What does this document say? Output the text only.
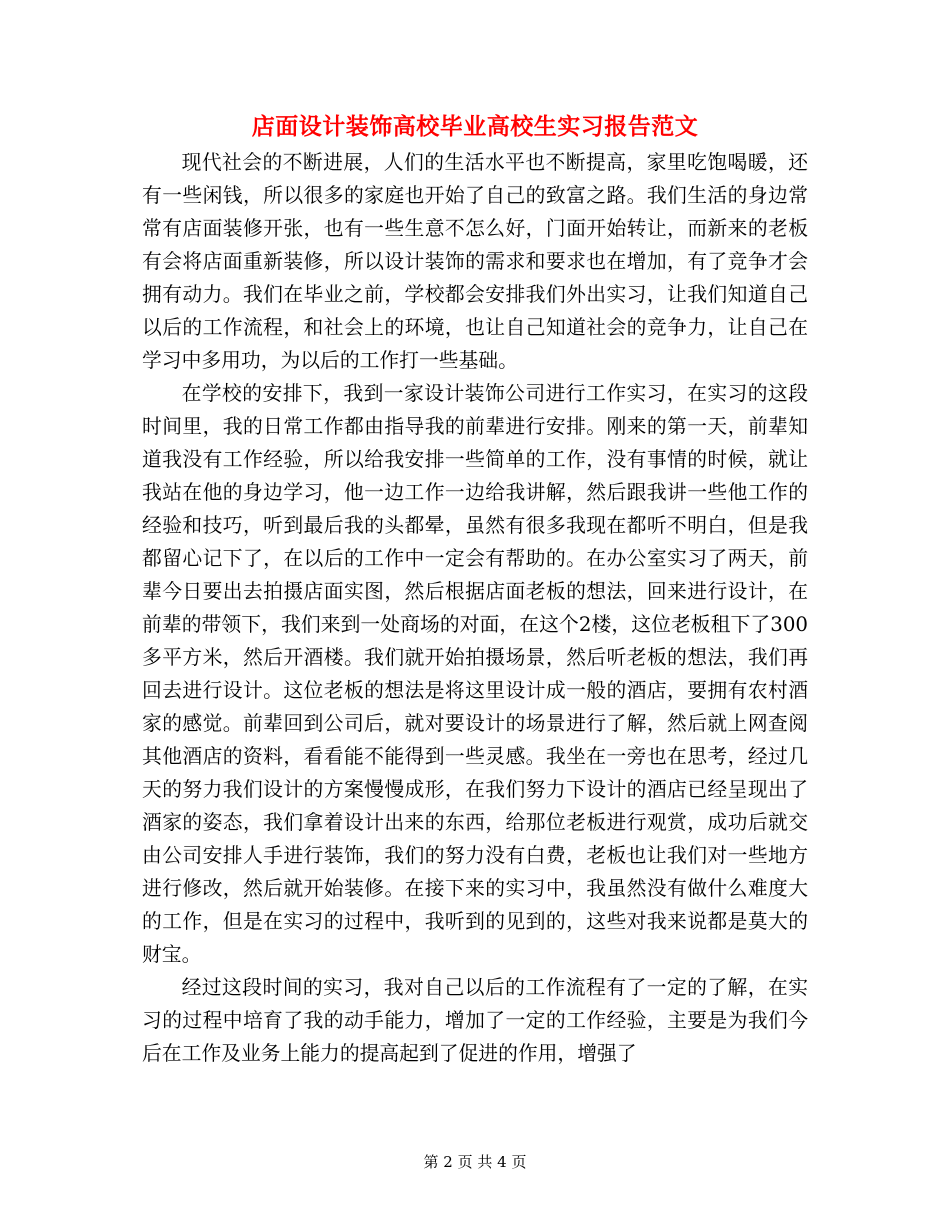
店面设计装饰高校毕业高校生实习报告范文

现代社会的不断进展，人们的生活水平也不断提高，家里吃饱喝暖，还有一些闲钱，所以很多的家庭也开始了自己的致富之路。我们生活的身边常常有店面装修开张，也有一些生意不怎么好，门面开始转让，而新来的老板有会将店面重新装修，所以设计装饰的需求和要求也在增加，有了竞争才会拥有动力。我们在毕业之前，学校都会安排我们外出实习，让我们知道自己以后的工作流程，和社会上的环境，也让自己知道社会的竞争力，让自己在学习中多用功，为以后的工作打一些基础。

在学校的安排下，我到一家设计装饰公司进行工作实习，在实习的这段时间里，我的日常工作都由指导我的前辈进行安排。刚来的第一天，前辈知道我没有工作经验，所以给我安排一些简单的工作，没有事情的时候，就让我站在他的身边学习，他一边工作一边给我讲解，然后跟我讲一些他工作的经验和技巧，听到最后我的头都晕，虽然有很多我现在都听不明白，但是我都留心记下了，在以后的工作中一定会有帮助的。在办公室实习了两天，前辈今日要出去拍摄店面实图，然后根据店面老板的想法，回来进行设计，在前辈的带领下，我们来到一处商场的对面，在这个2楼，这位老板租下了300多平方米，然后开酒楼。我们就开始拍摄场景，然后听老板的想法，我们再回去进行设计。这位老板的想法是将这里设计成一般的酒店，要拥有农村酒家的感觉。前辈回到公司后，就对要设计的场景进行了解，然后就上网查阅其他酒店的资料，看看能不能得到一些灵感。我坐在一旁也在思考，经过几天的努力我们设计的方案慢慢成形，在我们努力下设计的酒店已经呈现出了酒家的姿态，我们拿着设计出来的东西，给那位老板进行观赏，成功后就交由公司安排人手进行装饰，我们的努力没有白费，老板也让我们对一些地方进行修改，然后就开始装修。在接下来的实习中，我虽然没有做什么难度大的工作，但是在实习的过程中，我听到的见到的，这些对我来说都是莫大的财宝。

经过这段时间的实习，我对自己以后的工作流程有了一定的了解，在实习的过程中培育了我的动手能力，增加了一定的工作经验，主要是为我们今后在工作及业务上能力的提高起到了促进的作用，增强了

第 2 页 共 4 页
